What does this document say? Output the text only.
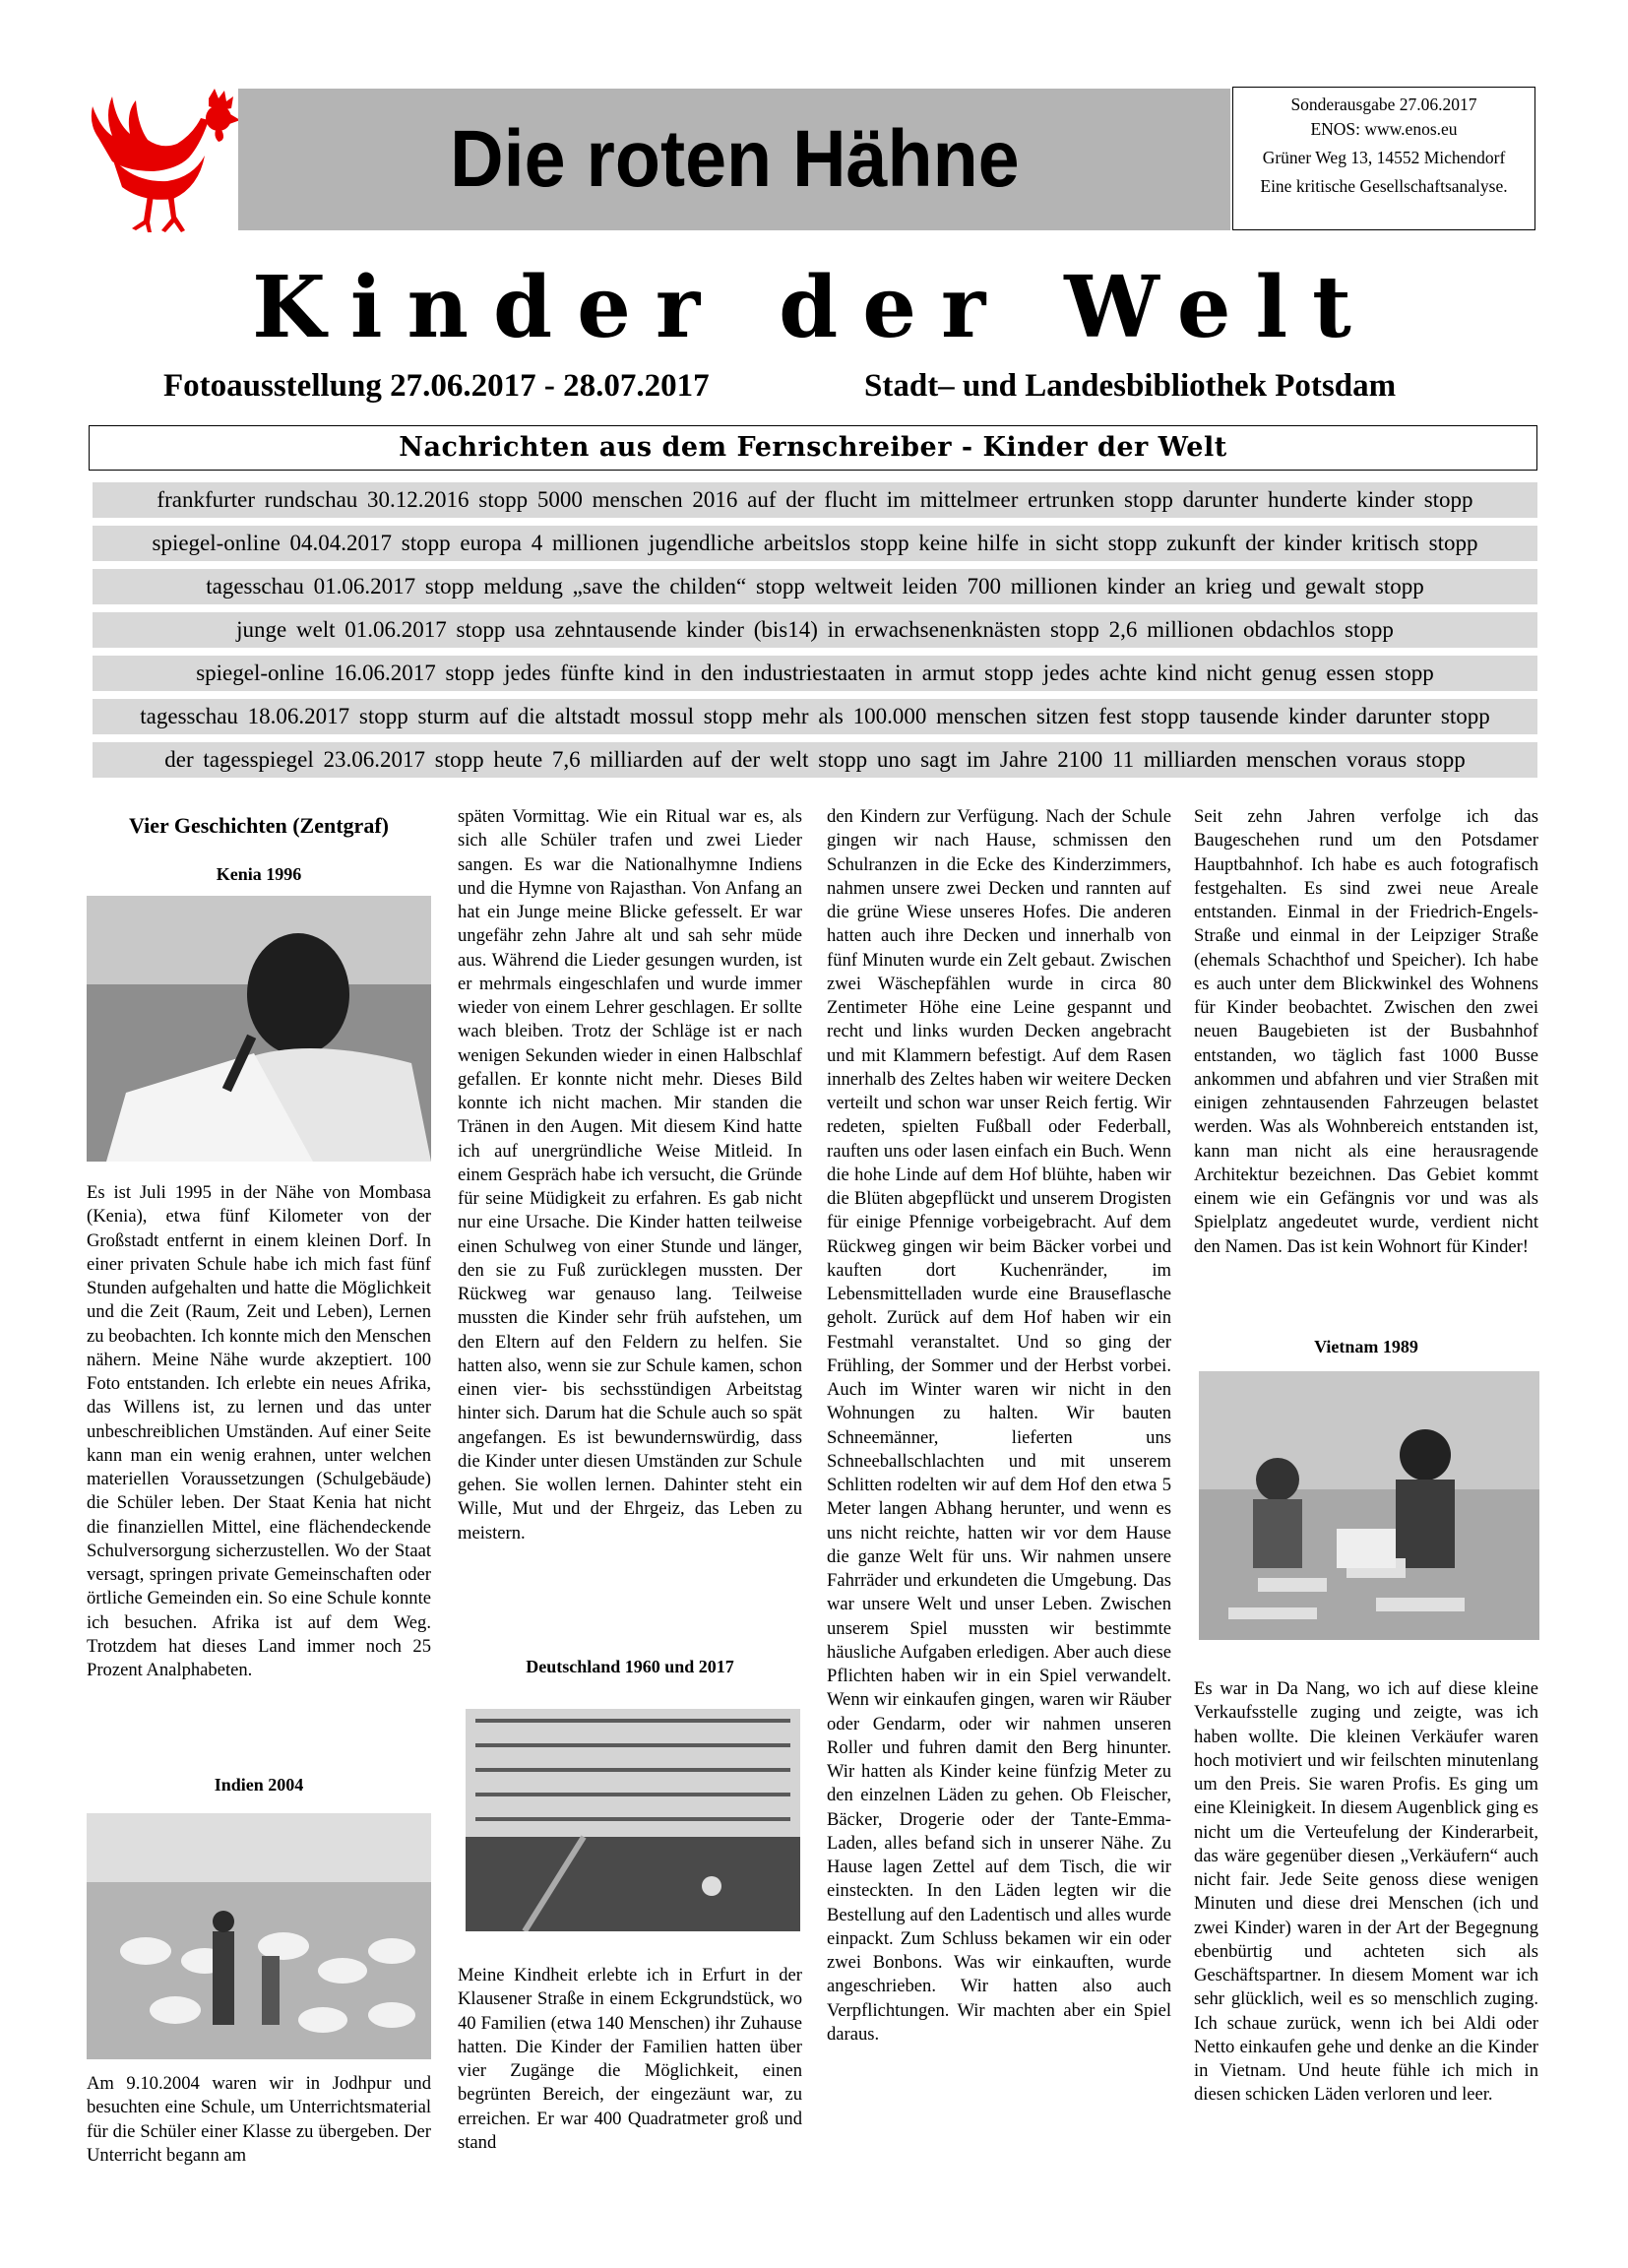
Die roten Hähne
Sonderausgabe 27.06.2017
ENOS: www.enos.eu
Grüner Weg 13, 14552 Michendorf
Eine kritische Gesellschaftsanalyse.
Kinder der Welt
Fotoausstellung 27.06.2017 - 28.07.2017	Stadt– und Landesbibliothek Potsdam
Nachrichten aus dem Fernschreiber - Kinder der Welt
frankfurter rundschau 30.12.2016 stopp 5000 menschen 2016 auf der flucht im mittelmeer ertrunken stopp darunter hunderte kinder stopp
spiegel-online 04.04.2017 stopp europa 4 millionen jugendliche arbeitslos stopp keine hilfe in sicht stopp zukunft der kinder kritisch stopp
tagesschau 01.06.2017 stopp meldung „save the childen“ stopp weltweit leiden 700 millionen kinder an krieg und gewalt stopp
junge welt 01.06.2017 stopp usa zehntausende kinder (bis14) in erwachsenenknästen stopp 2,6 millionen obdachlos stopp
spiegel-online 16.06.2017 stopp jedes fünfte kind in den industriestaaten in armut stopp jedes achte kind nicht genug essen stopp
tagesschau 18.06.2017 stopp sturm auf die altstadt mossul stopp mehr als 100.000 menschen sitzen fest stopp tausende kinder darunter stopp
der tagesspiegel 23.06.2017 stopp heute 7,6 milliarden auf der welt stopp uno sagt im Jahre 2100 11 milliarden menschen voraus stopp
Vier Geschichten (Zentgraf)
Kenia 1996
Es ist Juli 1995 in der Nähe von Mombasa (Kenia), etwa fünf Kilometer von der Großstadt entfernt in einem kleinen Dorf. In einer privaten Schule habe ich mich fast fünf Stunden aufgehalten und hatte die Möglichkeit und die Zeit (Raum, Zeit und Leben), Lernen zu beobachten. Ich konnte mich den Menschen nähern. Meine Nähe wurde akzeptiert. 100 Foto entstanden. Ich erlebte ein neues Afrika, das Willens ist, zu lernen und das unter unbeschreiblichen Umständen. Auf einer Seite kann man ein wenig erahnen, unter welchen materiellen Voraussetzungen (Schulgebäude) die Schüler leben. Der Staat Kenia hat nicht die finanziellen Mittel, eine flächendeckende Schulversorgung sicherzustellen. Wo der Staat versagt, springen private Gemeinschaften oder örtliche Gemeinden ein. So eine Schule konnte ich besuchen. Afrika ist auf dem Weg. Trotzdem hat dieses Land immer noch 25 Prozent Analphabeten.
Indien 2004
Am 9.10.2004 waren wir in Jodhpur und besuchten eine Schule, um Unterrichtsmaterial für die Schüler einer Klasse zu übergeben. Der Unterricht begann am
späten Vormittag. Wie ein Ritual war es, als sich alle Schüler trafen und zwei Lieder sangen. Es war die Nationalhymne Indiens und die Hymne von Rajasthan. Von Anfang an hat ein Junge meine Blicke gefesselt. Er war ungefähr zehn Jahre alt und sah sehr müde aus. Während die Lieder gesungen wurden, ist er mehrmals eingeschlafen und wurde immer wieder von einem Lehrer geschlagen. Er sollte wach bleiben. Trotz der Schläge ist er nach wenigen Sekunden wieder in einen Halbschlaf gefallen. Er konnte nicht mehr. Dieses Bild konnte ich nicht machen. Mir standen die Tränen in den Augen. Mit diesem Kind hatte ich auf unergründliche Weise Mitleid. In einem Gespräch habe ich versucht, die Gründe für seine Müdigkeit zu erfahren. Es gab nicht nur eine Ursache. Die Kinder hatten teilweise einen Schulweg von einer Stunde und länger, den sie zu Fuß zurücklegen mussten. Der Rückweg war genauso lang. Teilweise mussten die Kinder sehr früh aufstehen, um den Eltern auf den Feldern zu helfen. Sie hatten also, wenn sie zur Schule kamen, schon einen vier- bis sechsstündigen Arbeitstag hinter sich. Darum hat die Schule auch so spät angefangen. Es ist bewundernswürdig, dass die Kinder unter diesen Umständen zur Schule gehen. Sie wollen lernen. Dahinter steht ein Wille, Mut und der Ehrgeiz, das Leben zu meistern.
Deutschland 1960 und 2017
Meine Kindheit erlebte ich in Erfurt in der Klausener Straße in einem Eckgrundstück, wo 40 Familien (etwa 140 Menschen) ihr Zuhause hatten. Die Kinder der Familien hatten über vier Zugänge die Möglichkeit, einen begrünten Bereich, der eingezäunt war, zu erreichen. Er war 400 Quadratmeter groß und stand
den Kindern zur Verfügung. Nach der Schule gingen wir nach Hause, schmissen den Schulranzen in die Ecke des Kinderzimmers, nahmen unsere zwei Decken und rannten auf die grüne Wiese unseres Hofes. Die anderen hatten auch ihre Decken und innerhalb von fünf Minuten wurde ein Zelt gebaut. Zwischen zwei Wäschepfählen wurde in circa 80 Zentimeter Höhe eine Leine gespannt und recht und links wurden Decken angebracht und mit Klammern befestigt. Auf dem Rasen innerhalb des Zeltes haben wir weitere Decken verteilt und schon war unser Reich fertig. Wir redeten, spielten Fußball oder Federball, rauften uns oder lasen einfach ein Buch. Wenn die hohe Linde auf dem Hof blühte, haben wir die Blüten abgepflückt und unserem Drogisten für einige Pfennige vorbeigebracht. Auf dem Rückweg gingen wir beim Bäcker vorbei und kauften dort Kuchenränder, im Lebensmittelladen wurde eine Brauseflasche geholt. Zurück auf dem Hof haben wir ein Festmahl veranstaltet. Und so ging der Frühling, der Sommer und der Herbst vorbei. Auch im Winter waren wir nicht in den Wohnungen zu halten. Wir bauten Schneemänner, lieferten uns Schneeballschlachten und mit unserem Schlitten rodelten wir auf dem Hof den etwa 5 Meter langen Abhang herunter, und wenn es uns nicht reichte, hatten wir vor dem Hause die ganze Welt für uns. Wir nahmen unsere Fahrräder und erkundeten die Umgebung. Das war unsere Welt und unser Leben. Zwischen unserem Spiel mussten wir bestimmte häusliche Aufgaben erledigen. Aber auch diese Pflichten haben wir in ein Spiel verwandelt. Wenn wir einkaufen gingen, waren wir Räuber oder Gendarm, oder wir nahmen unseren Roller und fuhren damit den Berg hinunter. Wir hatten als Kinder keine fünfzig Meter zu den einzelnen Läden zu gehen. Ob Fleischer, Bäcker, Drogerie oder der Tante-Emma-Laden, alles befand sich in unserer Nähe. Zu Hause lagen Zettel auf dem Tisch, die wir einsteckten. In den Läden legten wir die Bestellung auf den Ladentisch und alles wurde einpackt. Zum Schluss bekamen wir ein oder zwei Bonbons. Was wir einkauften, wurde angeschrieben. Wir hatten also auch Verpflichtungen. Wir machten aber ein Spiel daraus.
Seit zehn Jahren verfolge ich das Baugeschehen rund um den Potsdamer Hauptbahnhof. Ich habe es auch fotografisch festgehalten. Es sind zwei neue Areale entstanden. Einmal in der Friedrich-Engels-Straße und einmal in der Leipziger Straße (ehemals Schachthof und Speicher). Ich habe es auch unter dem Blickwinkel des Wohnens für Kinder beobachtet. Zwischen den zwei neuen Baugebieten ist der Busbahnhof entstanden, wo täglich fast 1000 Busse ankommen und abfahren und vier Straßen mit einigen zehntausenden Fahrzeugen belastet werden. Was als Wohnbereich entstanden ist, kann man nicht als eine herausragende Architektur bezeichnen. Das Gebiet kommt einem wie ein Gefängnis vor und was als Spielplatz angedeutet wurde, verdient nicht den Namen. Das ist kein Wohnort für Kinder!
Vietnam 1989
Es war in Da Nang, wo ich auf diese kleine Verkaufsstelle zuging und zeigte, was ich haben wollte. Die kleinen Verkäufer waren hoch motiviert und wir feilschten minutenlang um den Preis. Sie waren Profis. Es ging um eine Kleinigkeit. In diesem Augenblick ging es nicht um die Verteufelung der Kinderarbeit, das wäre gegenüber diesen „Verkäufern“ auch nicht fair. Jede Seite genoss diese wenigen Minuten und diese drei Menschen (ich und zwei Kinder) waren in der Art der Begegnung ebenbürtig und achteten sich als Geschäftspartner. In diesem Moment war ich sehr glücklich, weil es so menschlich zuging. Ich schaue zurück, wenn ich bei Aldi oder Netto einkaufen gehe und denke an die Kinder in Vietnam. Und heute fühle ich mich in diesen schicken Läden verloren und leer.
